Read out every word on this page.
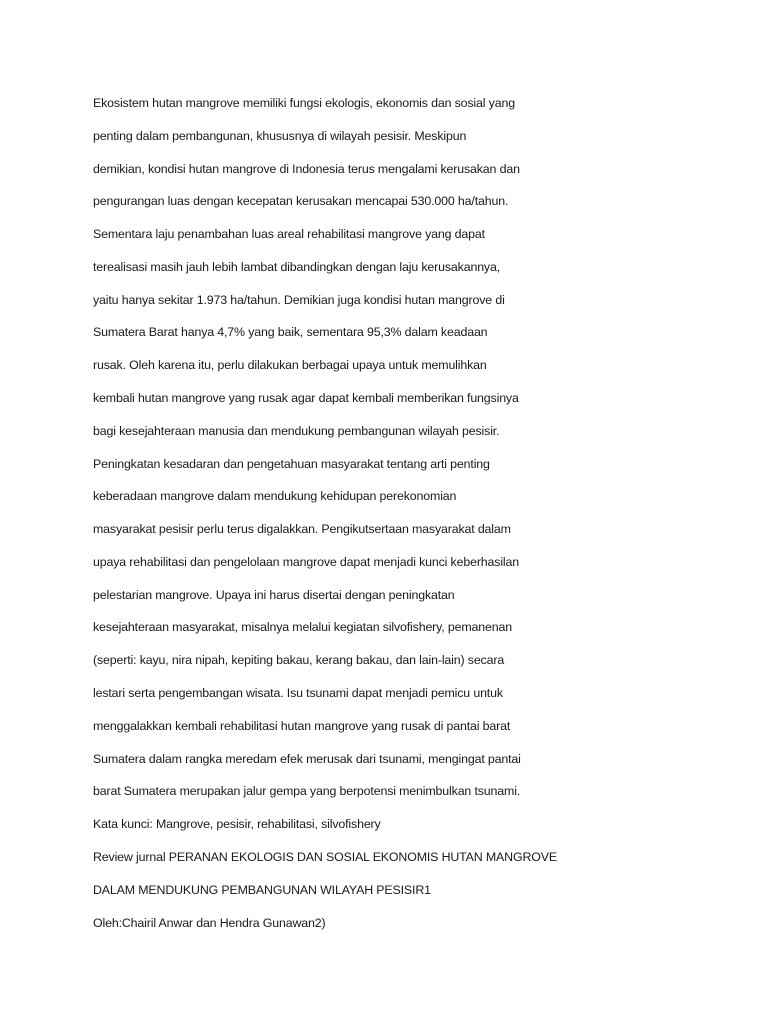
Ekosistem hutan mangrove memiliki fungsi ekologis, ekonomis dan sosial yang

penting dalam pembangunan, khususnya di wilayah pesisir. Meskipun

demikian, kondisi hutan mangrove di Indonesia terus mengalami kerusakan dan

pengurangan luas dengan kecepatan kerusakan mencapai 530.000 ha/tahun.

Sementara laju penambahan luas areal rehabilitasi mangrove yang dapat

terealisasi masih jauh lebih lambat dibandingkan dengan laju kerusakannya,

yaitu hanya sekitar 1.973 ha/tahun. Demikian juga kondisi hutan mangrove di

Sumatera Barat hanya 4,7% yang baik, sementara 95,3% dalam keadaan

rusak. Oleh karena itu, perlu dilakukan berbagai upaya untuk memulihkan

kembali hutan mangrove yang rusak agar dapat kembali memberikan fungsinya

bagi kesejahteraan manusia dan mendukung pembangunan wilayah pesisir.

Peningkatan kesadaran dan pengetahuan masyarakat tentang arti penting

keberadaan mangrove dalam mendukung kehidupan perekonomian

masyarakat pesisir perlu terus digalakkan. Pengikutsertaan masyarakat dalam

upaya rehabilitasi dan pengelolaan mangrove dapat menjadi kunci keberhasilan

pelestarian mangrove. Upaya ini harus disertai dengan peningkatan

kesejahteraan masyarakat, misalnya melalui kegiatan silvofishery, pemanenan

(seperti: kayu, nira nipah, kepiting bakau, kerang bakau, dan lain-lain) secara

lestari serta pengembangan wisata. Isu tsunami dapat menjadi pemicu untuk

menggalakkan kembali rehabilitasi hutan mangrove yang rusak di pantai barat

Sumatera dalam rangka meredam efek merusak dari tsunami, mengingat pantai

barat Sumatera merupakan jalur gempa yang berpotensi menimbulkan tsunami.

Kata kunci: Mangrove, pesisir, rehabilitasi, silvofishery

Review jurnal PERANAN EKOLOGIS DAN SOSIAL EKONOMIS HUTAN MANGROVE

DALAM MENDUKUNG PEMBANGUNAN WILAYAH PESISIR1

Oleh:Chairil Anwar dan Hendra Gunawan2)
